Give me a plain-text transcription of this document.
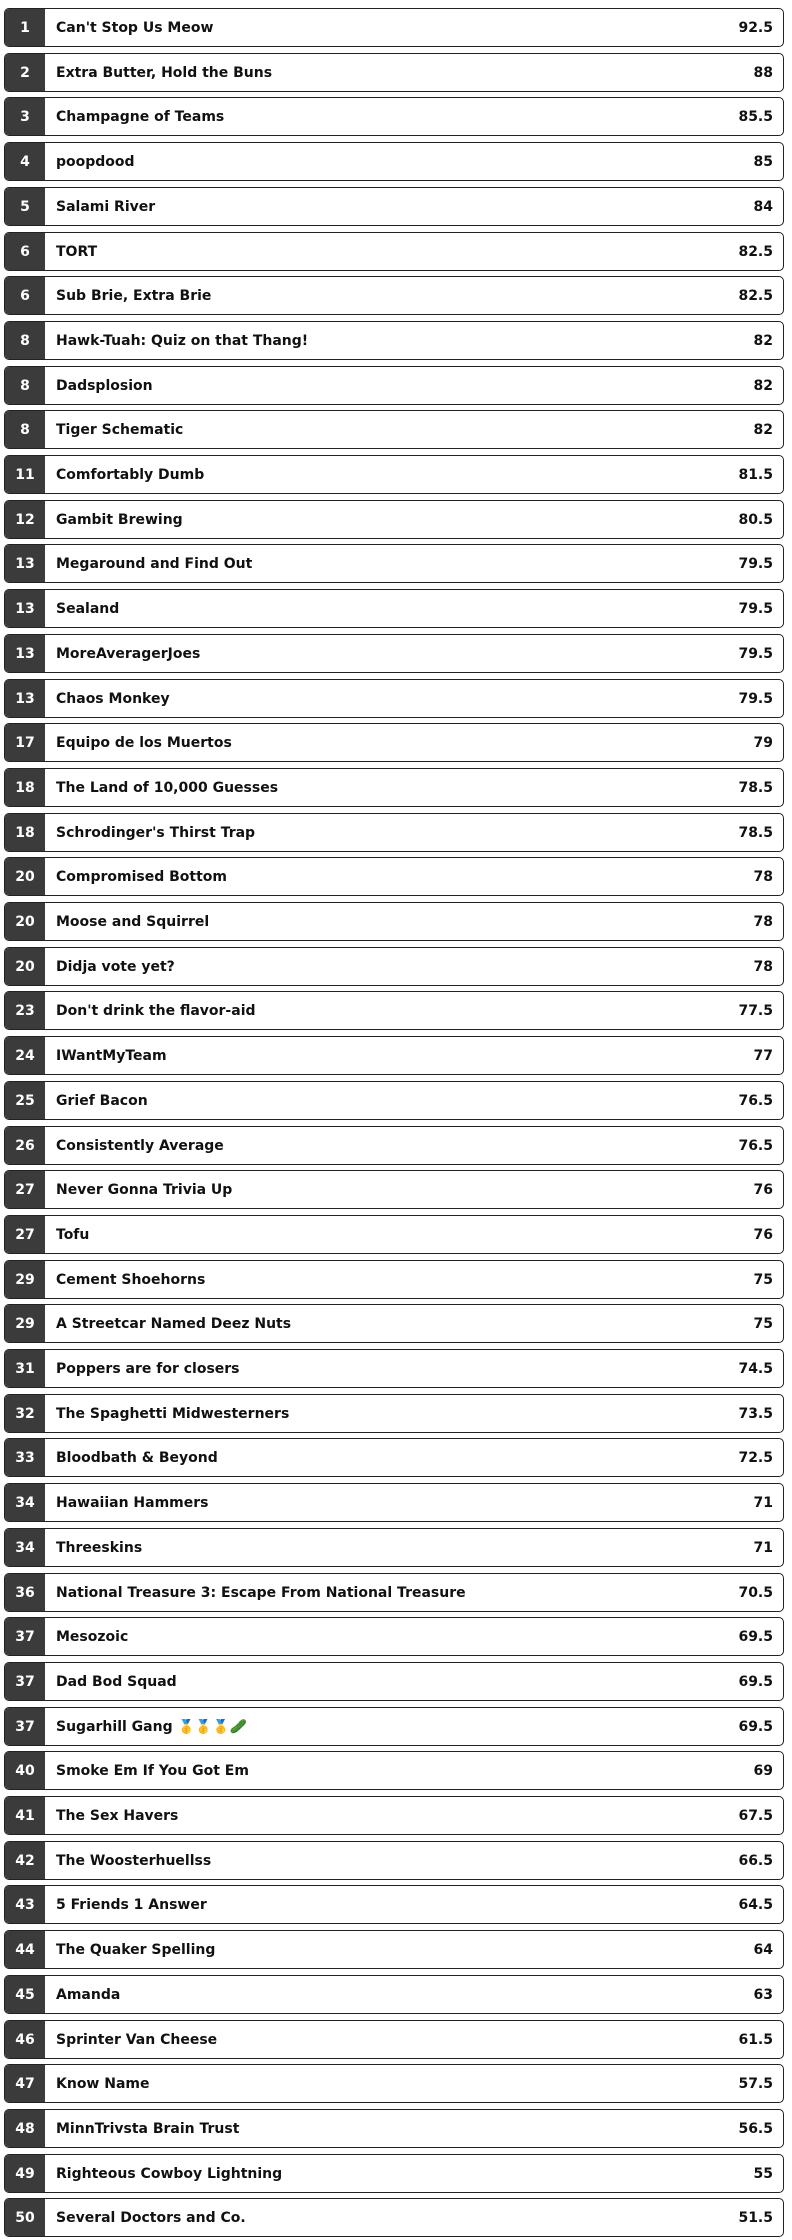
1	Can't Stop Us Meow	92.5
2	Extra Butter, Hold the Buns	88
3	Champagne of Teams	85.5
4	poopdood	85
5	Salami River	84
6	TORT	82.5
6	Sub Brie, Extra Brie	82.5
8	Hawk-Tuah: Quiz on that Thang!	82
8	Dadsplosion	82
8	Tiger Schematic	82
11	Comfortably Dumb	81.5
12	Gambit Brewing	80.5
13	Megaround and Find Out	79.5
13	Sealand	79.5
13	MoreAveragerJoes	79.5
13	Chaos Monkey	79.5
17	Equipo de los Muertos	79
18	The Land of 10,000 Guesses	78.5
18	Schrodinger's Thirst Trap	78.5
20	Compromised Bottom	78
20	Moose and Squirrel	78
20	Didja vote yet?	78
23	Don't drink the flavor-aid	77.5
24	IWantMyTeam	77
25	Grief Bacon	76.5
26	Consistently Average	76.5
27	Never Gonna Trivia Up	76
27	Tofu	76
29	Cement Shoehorns	75
29	A Streetcar Named Deez Nuts	75
31	Poppers are for closers	74.5
32	The Spaghetti Midwesterners	73.5
33	Bloodbath & Beyond	72.5
34	Hawaiian Hammers	71
34	Threeskins	71
36	National Treasure 3: Escape From National Treasure	70.5
37	Mesozoic	69.5
37	Dad Bod Squad	69.5
37	Sugarhill Gang 🥇🥇🥇🥒	69.5
40	Smoke Em If You Got Em	69
41	The Sex Havers	67.5
42	The Woosterhuellss	66.5
43	5 Friends 1 Answer	64.5
44	The Quaker Spelling	64
45	Amanda	63
46	Sprinter Van Cheese	61.5
47	Know Name	57.5
48	MinnTrivsta Brain Trust	56.5
49	Righteous Cowboy Lightning	55
50	Several Doctors and Co.	51.5
